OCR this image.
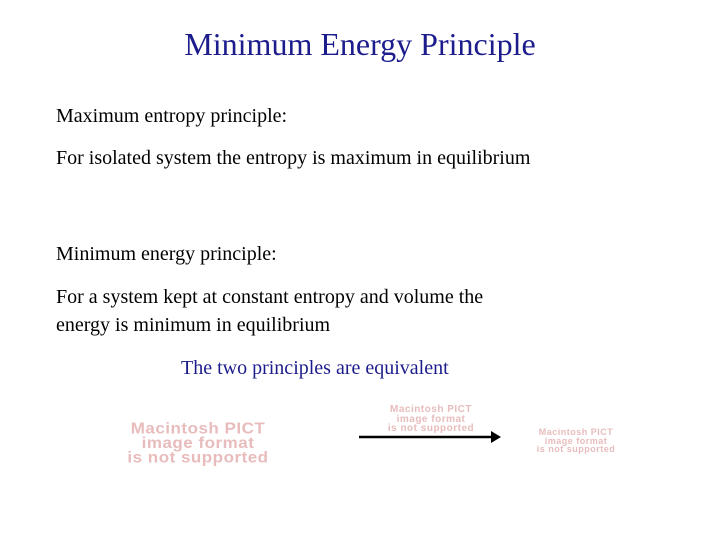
Minimum Energy Principle
Maximum entropy principle:
For isolated system the entropy is maximum in equilibrium
Minimum energy principle:
For a system kept at constant entropy and volume the
energy is minimum in equilibrium
The two principles are equivalent
Macintosh PICT
image format
is not supported
Macintosh PICT
image format
is not supported	Macintosh PICT
image format
is not supported
